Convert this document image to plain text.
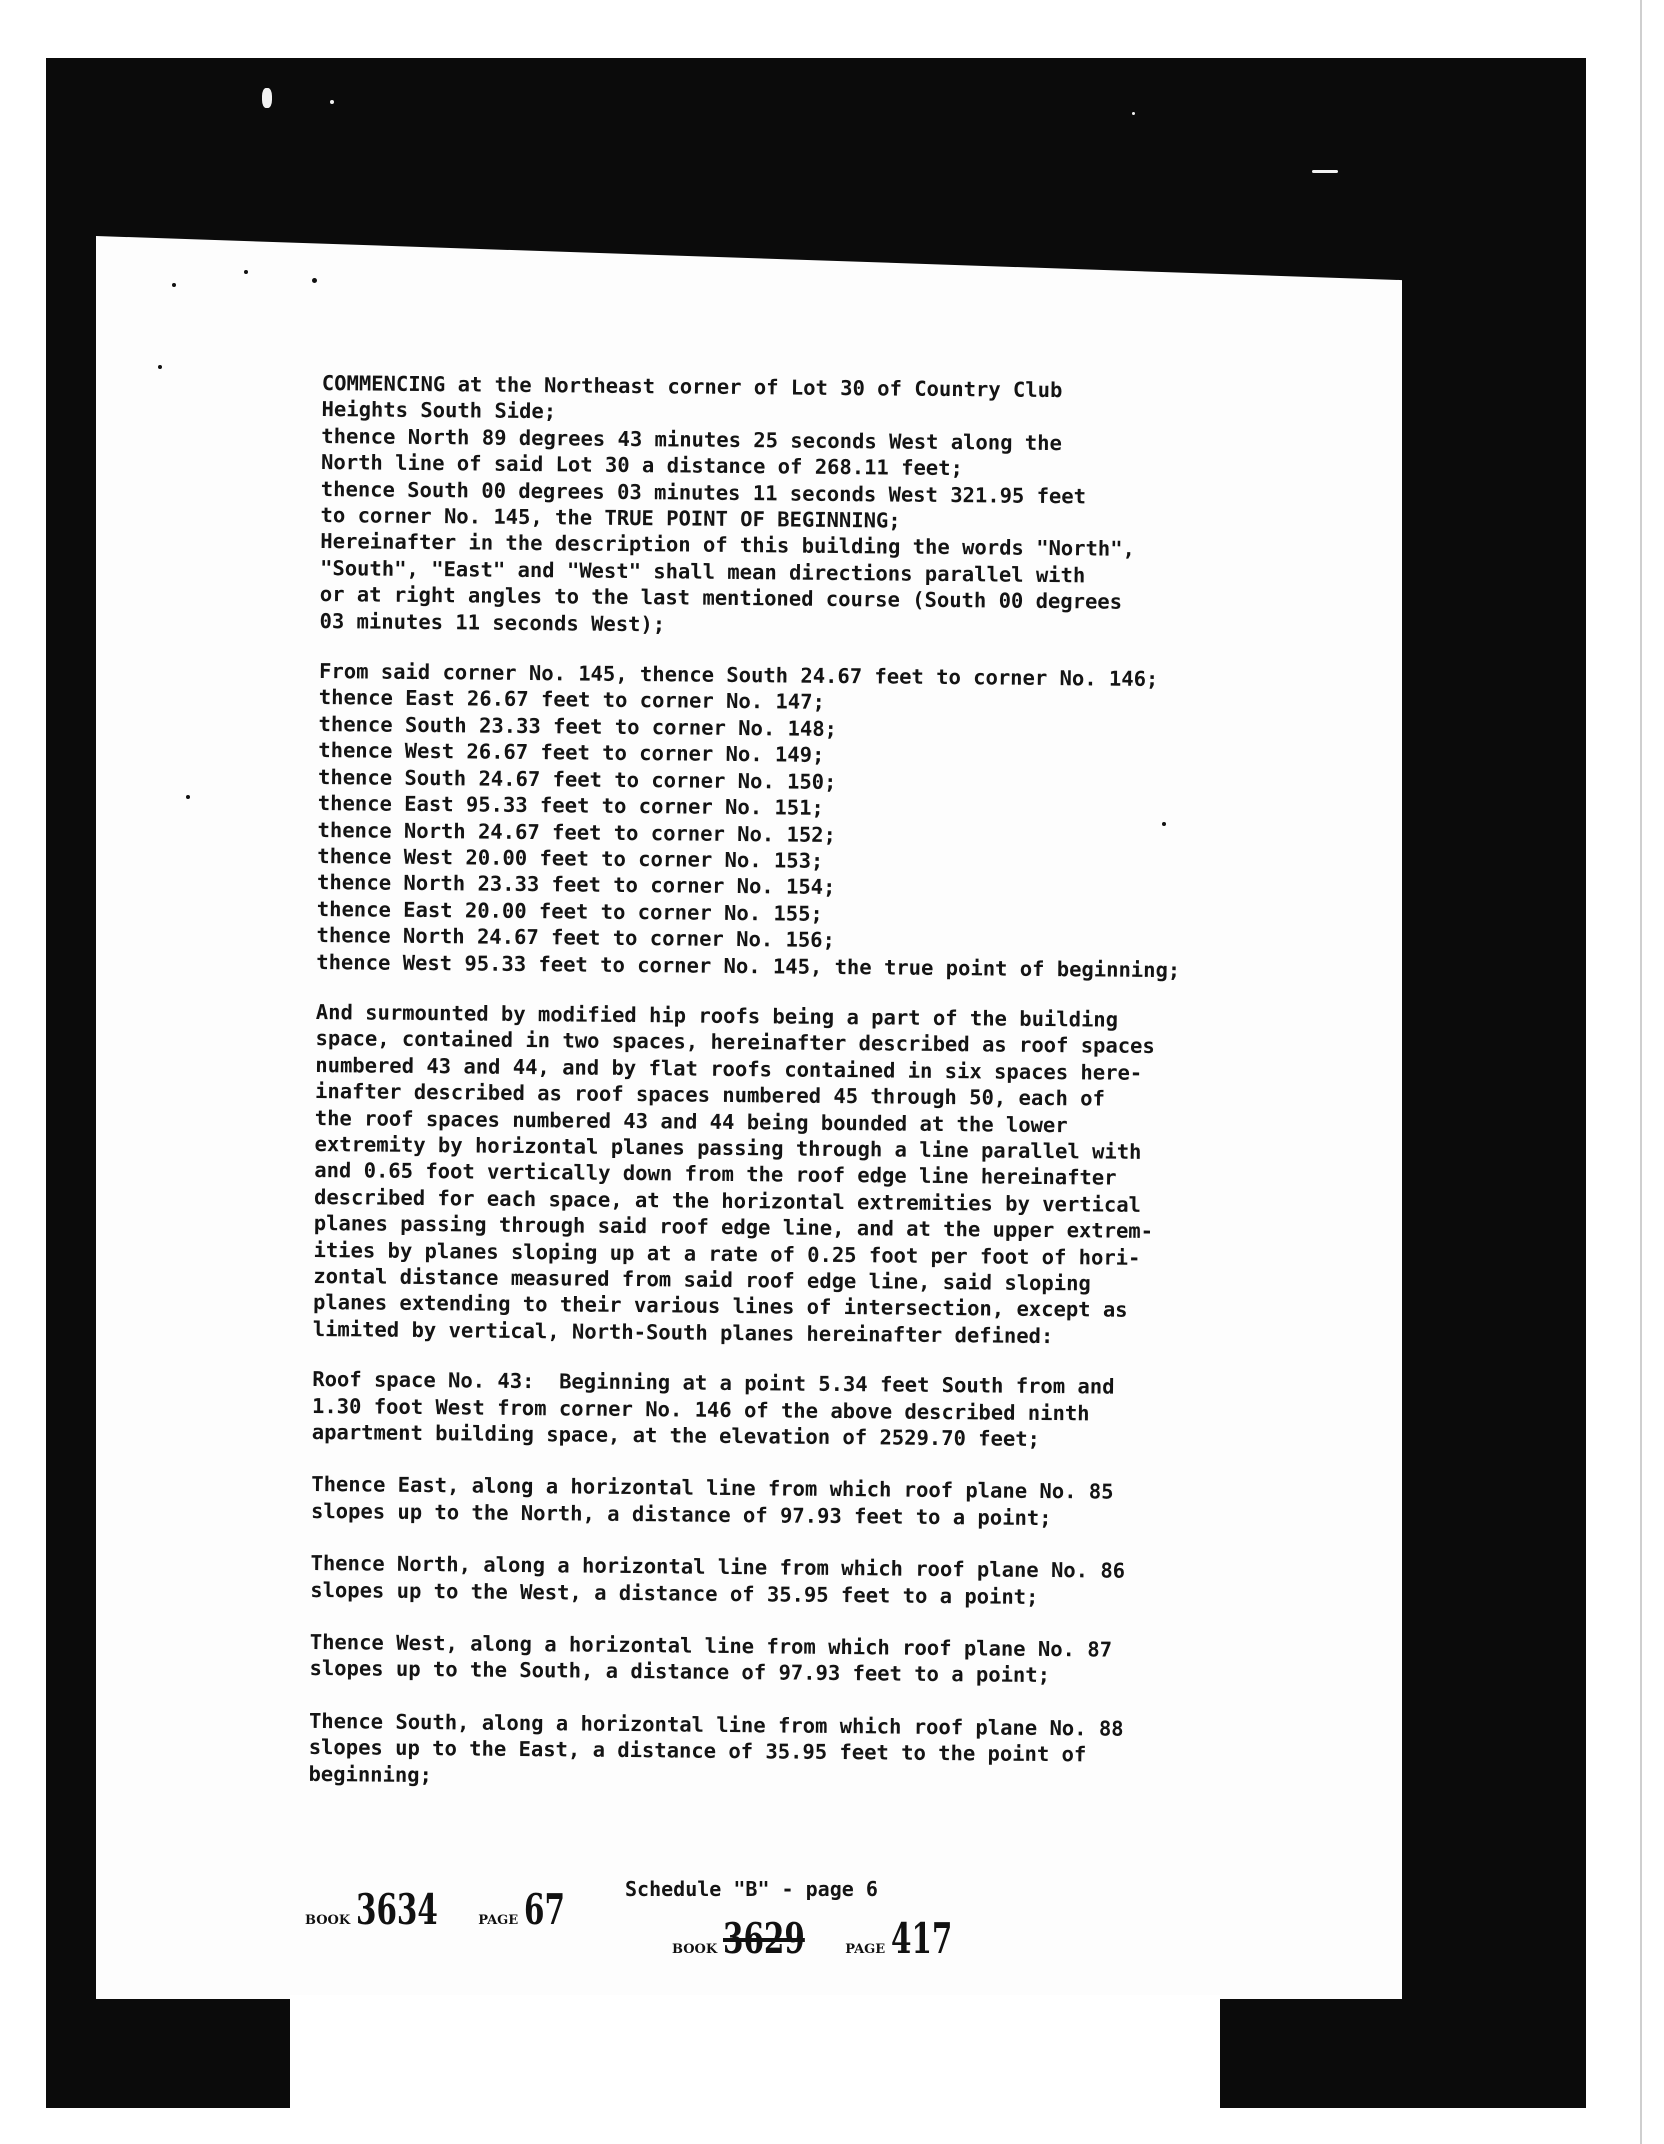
COMMENCING at the Northeast corner of Lot 30 of Country Club
Heights South Side;
thence North 89 degrees 43 minutes 25 seconds West along the
North line of said Lot 30 a distance of 268.11 feet;
thence South 00 degrees 03 minutes 11 seconds West 321.95 feet
to corner No. 145, the TRUE POINT OF BEGINNING;
Hereinafter in the description of this building the words "North",
"South", "East" and "West" shall mean directions parallel with
or at right angles to the last mentioned course (South 00 degrees
03 minutes 11 seconds West);
From said corner No. 145, thence South 24.67 feet to corner No. 146;
thence East 26.67 feet to corner No. 147;
thence South 23.33 feet to corner No. 148;
thence West 26.67 feet to corner No. 149;
thence South 24.67 feet to corner No. 150;
thence East 95.33 feet to corner No. 151;
thence North 24.67 feet to corner No. 152;
thence West 20.00 feet to corner No. 153;
thence North 23.33 feet to corner No. 154;
thence East 20.00 feet to corner No. 155;
thence North 24.67 feet to corner No. 156;
thence West 95.33 feet to corner No. 145, the true point of beginning;
And surmounted by modified hip roofs being a part of the building
space, contained in two spaces, hereinafter described as roof spaces
numbered 43 and 44, and by flat roofs contained in six spaces here-
inafter described as roof spaces numbered 45 through 50, each of
the roof spaces numbered 43 and 44 being bounded at the lower
extremity by horizontal planes passing through a line parallel with
and 0.65 foot vertically down from the roof edge line hereinafter
described for each space, at the horizontal extremities by vertical
planes passing through said roof edge line, and at the upper extrem-
ities by planes sloping up at a rate of 0.25 foot per foot of hori-
zontal distance measured from said roof edge line, said sloping
planes extending to their various lines of intersection, except as
limited by vertical, North-South planes hereinafter defined:
Roof space No. 43:  Beginning at a point 5.34 feet South from and
1.30 foot West from corner No. 146 of the above described ninth
apartment building space, at the elevation of 2529.70 feet;
Thence East, along a horizontal line from which roof plane No. 85
slopes up to the North, a distance of 97.93 feet to a point;
Thence North, along a horizontal line from which roof plane No. 86
slopes up to the West, a distance of 35.95 feet to a point;
Thence West, along a horizontal line from which roof plane No. 87
slopes up to the South, a distance of 97.93 feet to a point;
Thence South, along a horizontal line from which roof plane No. 88
slopes up to the East, a distance of 35.95 feet to the point of
beginning;
BOOK 3634	PAGE 67	Schedule "B" - page 6
BOOK 3629	PAGE 417
